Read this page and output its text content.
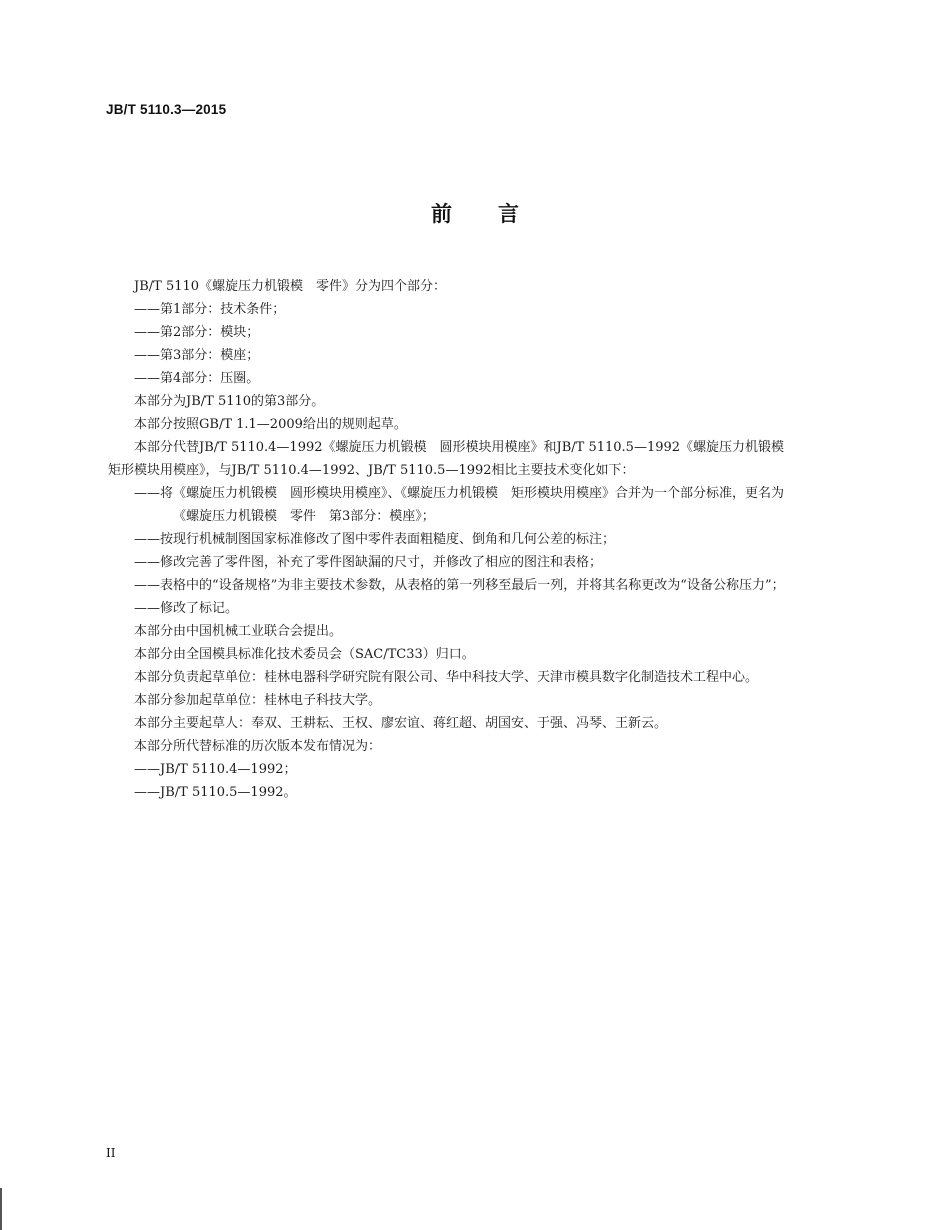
JB/T 5110.3—2015
前言

JB/T 5110《螺旋压力机锻模　零件》分为四个部分：

——第1部分：技术条件；

——第2部分：模块；

——第3部分：模座；

——第4部分：压圈。

本部分为JB/T 5110的第3部分。

本部分按照GB/T 1.1—2009给出的规则起草。

本部分代替JB/T 5110.4—1992《螺旋压力机锻模　圆形模块用模座》和JB/T 5110.5—1992《螺旋压力机锻模　矩形模块用模座》，与JB/T 5110.4—1992、JB/T 5110.5—1992相比主要技术变化如下：

——将《螺旋压力机锻模　圆形模块用模座》、《螺旋压力机锻模　矩形模块用模座》合并为一个部分标准，更名为《螺旋压力机锻模　零件　第3部分：模座》；

——按现行机械制图国家标准修改了图中零件表面粗糙度、倒角和几何公差的标注；

——修改完善了零件图，补充了零件图缺漏的尺寸，并修改了相应的图注和表格；

——表格中的“设备规格”为非主要技术参数，从表格的第一列移至最后一列，并将其名称更改为“设备公称压力”；

——修改了标记。

本部分由中国机械工业联合会提出。

本部分由全国模具标准化技术委员会（SAC/TC33）归口。

本部分负责起草单位：桂林电器科学研究院有限公司、华中科技大学、天津市模具数字化制造技术工程中心。

本部分参加起草单位：桂林电子科技大学。

本部分主要起草人：奉双、王耕耘、王权、廖宏谊、蒋红超、胡国安、于强、冯琴、王新云。

本部分所代替标准的历次版本发布情况为：

——JB/T 5110.4—1992；

——JB/T 5110.5—1992。

II
